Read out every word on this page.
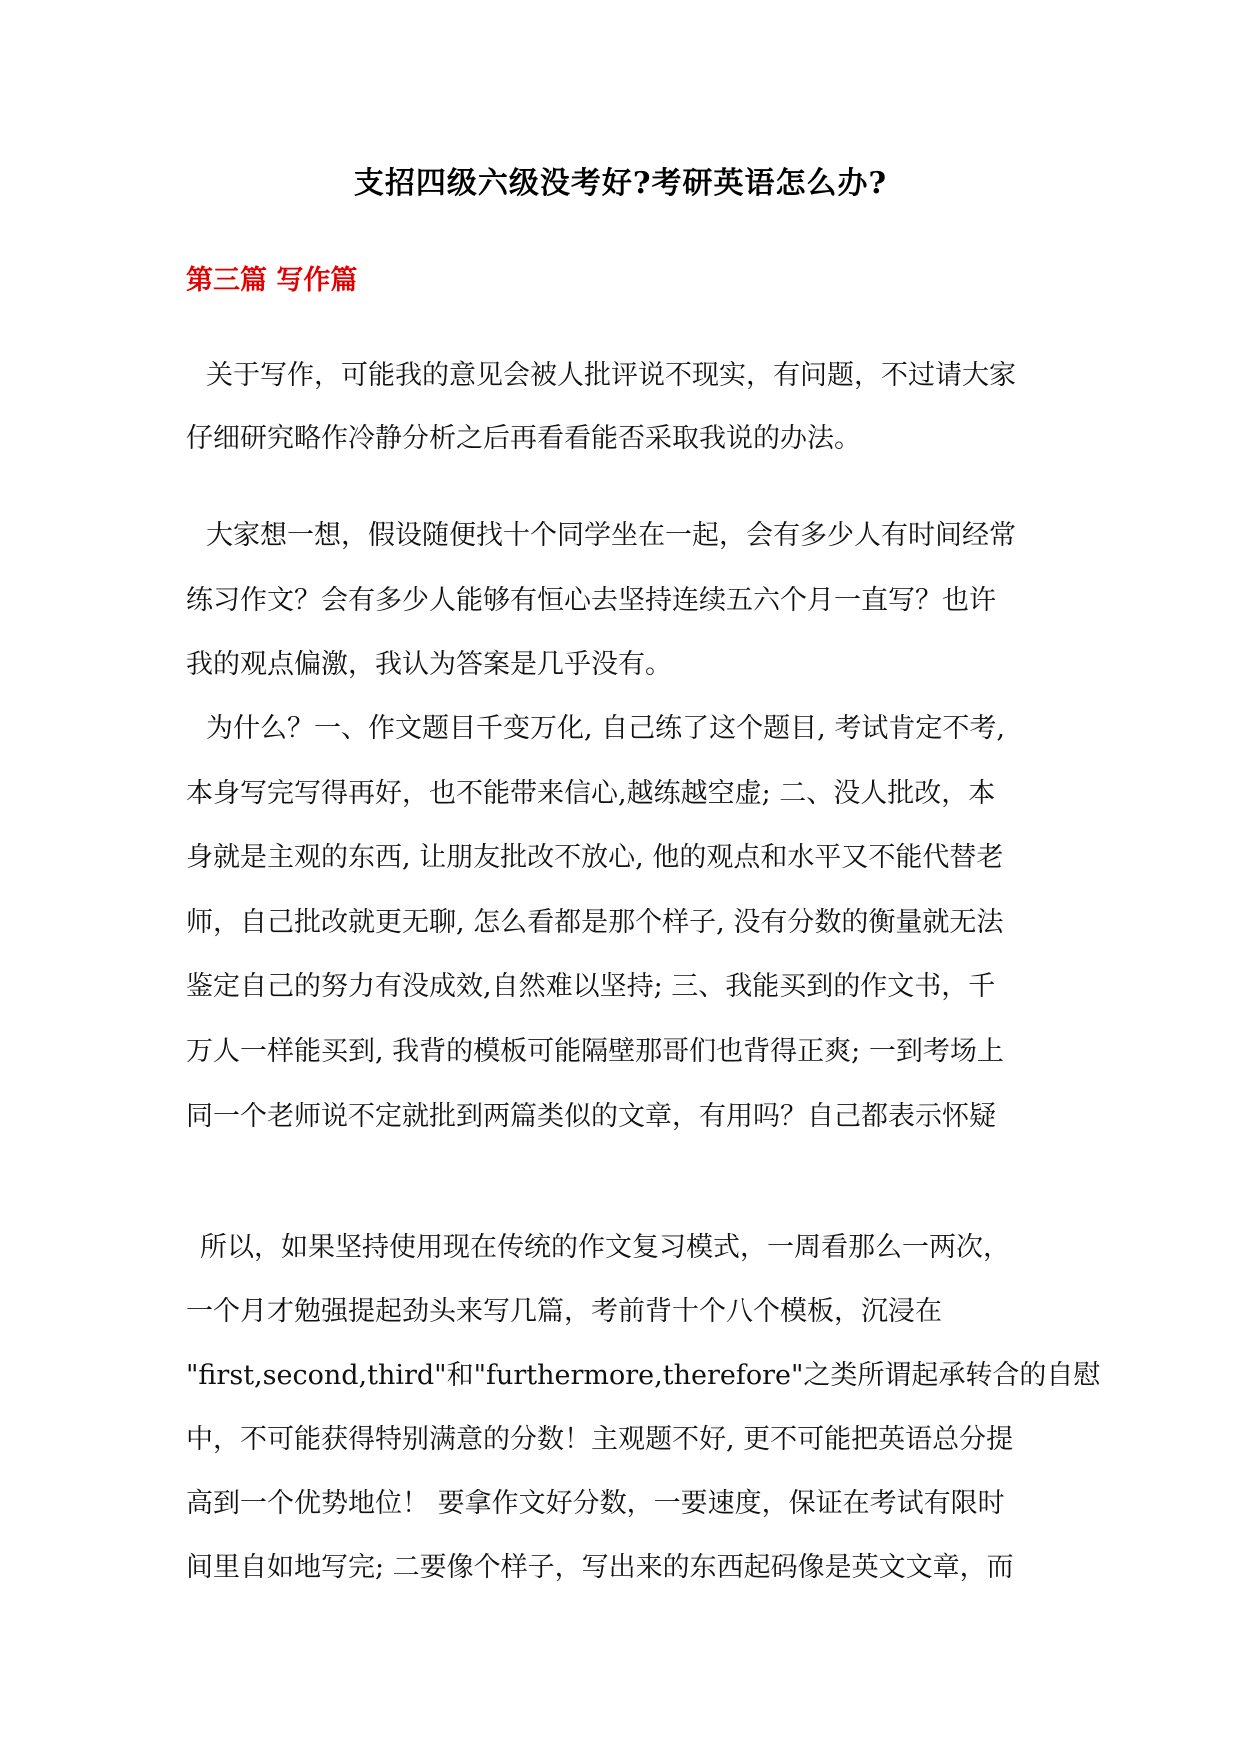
支招四级六级没考好?考研英语怎么办?
第三篇 写作篇
关于写作，可能我的意见会被人批评说不现实，有问题，不过请大家
仔细研究略作冷静分析之后再看看能否采取我说的办法。
大家想一想，假设随便找十个同学坐在一起，会有多少人有时间经常
练习作文？会有多少人能够有恒心去坚持连续五六个月一直写？也许
我的观点偏激，我认为答案是几乎没有。
为什么？一、作文题目千变万化, 自己练了这个题目, 考试肯定不考,
本身写完写得再好，也不能带来信心,越练越空虚; 二、没人批改，本
身就是主观的东西, 让朋友批改不放心, 他的观点和水平又不能代替老
师，自己批改就更无聊, 怎么看都是那个样子, 没有分数的衡量就无法
鉴定自己的努力有没成效,自然难以坚持; 三、我能买到的作文书，千
万人一样能买到, 我背的模板可能隔壁那哥们也背得正爽; 一到考场上
同一个老师说不定就批到两篇类似的文章，有用吗？自己都表示怀疑
所以，如果坚持使用现在传统的作文复习模式，一周看那么一两次，
一个月才勉强提起劲头来写几篇，考前背十个八个模板，沉浸在
"first,second,third"和"furthermore,therefore"之类所谓起承转合的自慰
中，不可能获得特别满意的分数！主观题不好, 更不可能把英语总分提
高到一个优势地位！ 要拿作文好分数，一要速度，保证在考试有限时
间里自如地写完; 二要像个样子，写出来的东西起码像是英文文章，而
